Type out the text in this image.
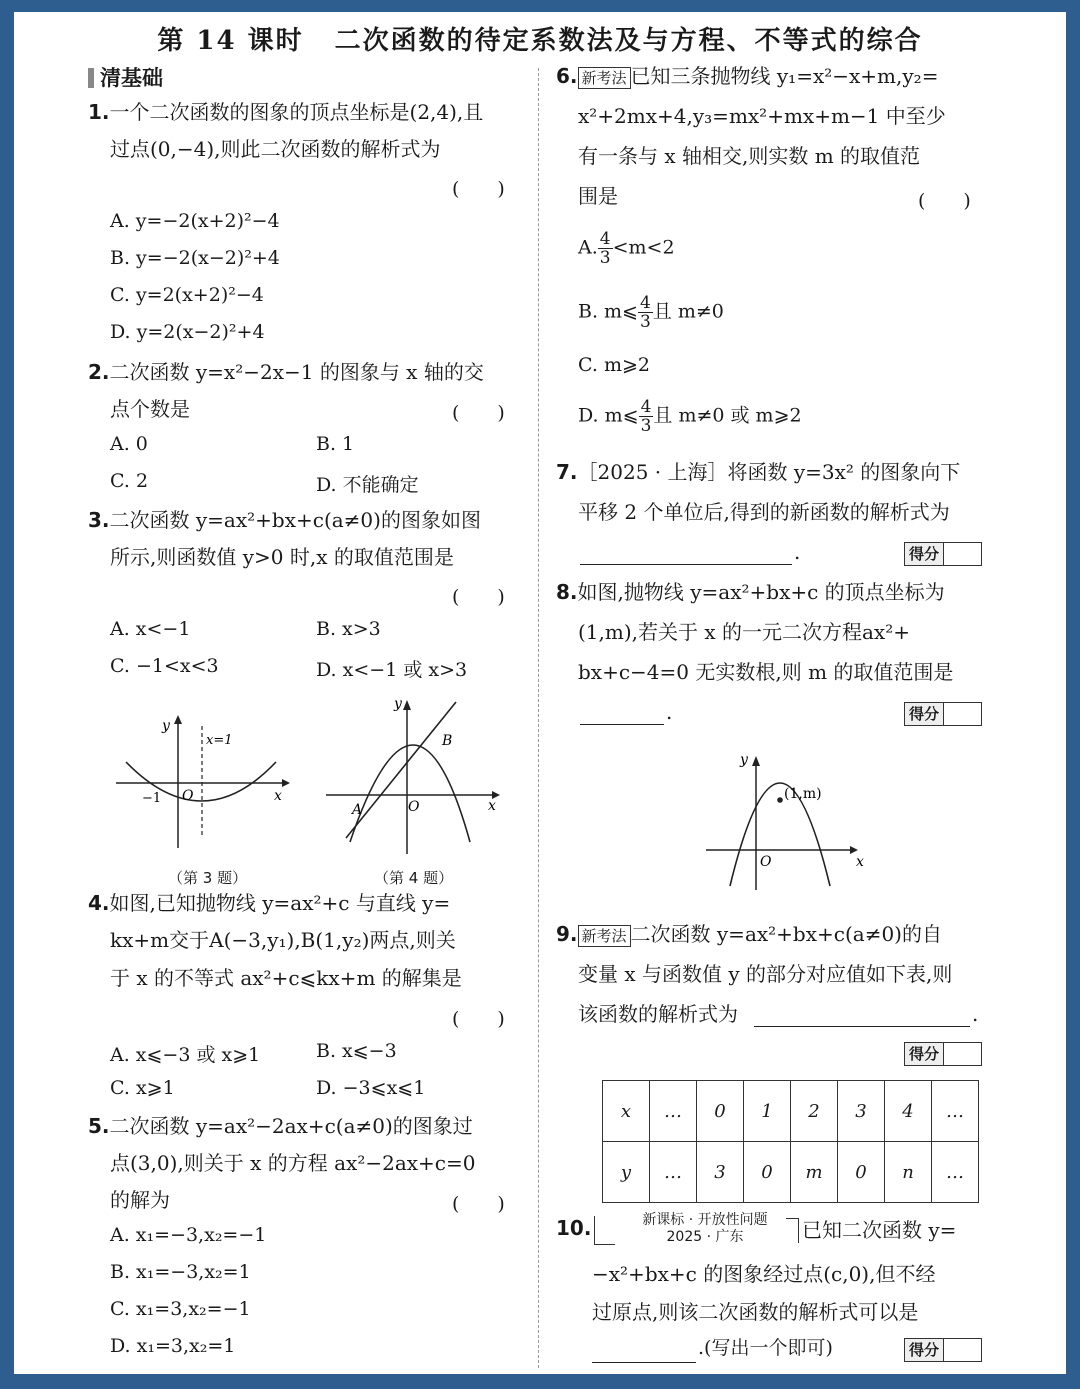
第 14 课时 二次函数的待定系数法及与方程、不等式的综合
清基础
1.一个二次函数的图象的顶点坐标是(2,4),且
过点(0,−4),则此二次函数的解析式为
(　　)
A. y=−2(x+2)²−4
B. y=−2(x−2)²+4
C. y=2(x+2)²−4
D. y=2(x−2)²+4
2.二次函数 y=x²−2x−1 的图象与 x 轴的交
点个数是	(　　)
A. 0	B. 1
C. 2	D. 不能确定
3.二次函数 y=ax²+bx+c(a≠0)的图象如图
所示,则函数值 y>0 时,x 的取值范围是
(　　)
A. x<−1	B. x>3
C. −1<x<3	D. x<−1 或 x>3
y
x
O
−1
x=1
（第 3 题）
y
x
O
A
B
（第 4 题）
4.如图,已知抛物线 y=ax²+c 与直线 y=
kx+m交于A(−3,y₁),B(1,y₂)两点,则关
于 x 的不等式 ax²+c⩽kx+m 的解集是
(　　)
A. x⩽−3 或 x⩾1	B. x⩽−3
C. x⩾1	D. −3⩽x⩽1
5.二次函数 y=ax²−2ax+c(a≠0)的图象过
点(3,0),则关于 x 的方程 ax²−2ax+c=0
的解为	(　　)
A. x₁=−3,x₂=−1
B. x₁=−3,x₂=1
C. x₁=3,x₂=−1
D. x₁=3,x₂=1
6. 新考法 已知三条抛物线 y₁=x²−x+m,y₂=
x²+2mx+4,y₃=mx²+mx+m−1 中至少
有一条与 x 轴相交,则实数 m 的取值范
围是	(　　)
A. $\frac{4}{3} <m<2$
B. m⩽ $\frac{4}{3}$ 且 m≠0
C. m⩾2
D. m⩽ $\frac{4}{3}$ 且 m≠0 或 m⩾2
7.［2025 · 上海］将函数 y=3x² 的图象向下
平移 2 个单位后,得到的新函数的解析式为
.	得分
8.如图,抛物线 y=ax²+bx+c 的顶点坐标为
(1,m),若关于 x 的一元二次方程ax²+
bx+c−4=0 无实数根,则 m 的取值范围是
.	得分
y
x
O
(1,m)
9. 新考法 二次函数 y=ax²+bx+c(a≠0)的自
变量 x 与函数值 y 的部分对应值如下表,则
该函数的解析式为	.
得分
x	…	0	1	2	3	4	…
y	…	3	0	m	0	n	…
10.	新课标 · 开放性问题
2025 · 广东	已知二次函数 y=
−x²+bx+c 的图象经过点(c,0),但不经
过原点,则该二次函数的解析式可以是
.(写出一个即可)	得分
